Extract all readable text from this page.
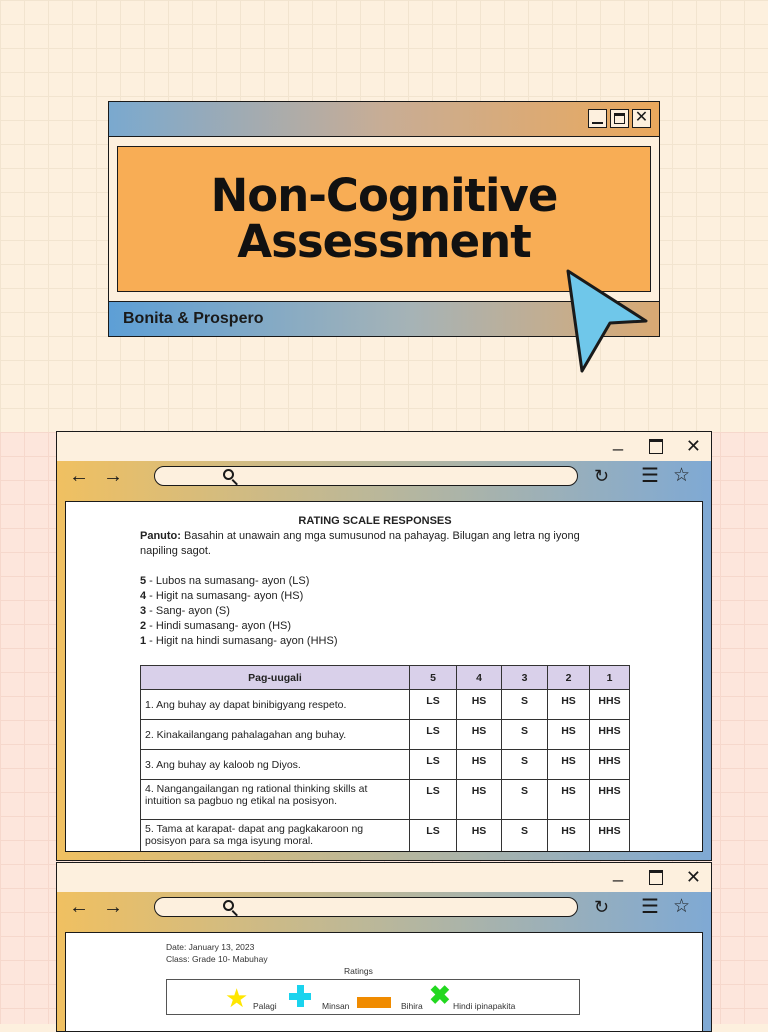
✕
Non-Cognitive
Assessment
Bonita & Prospero
_	✕
← →	↻ ☰ ☆
RATING SCALE RESPONSES

Panuto: Basahin at unawain ang mga sumusunod na pahayag. Bilugan ang letra ng iyong napiling sagot.

5 - Lubos na sumasang- ayon (LS)

4 - Higit na sumasang- ayon (HS)

3 - Sang- ayon (S)

2 - Hindi sumasang- ayon (HS)

1 - Higit na hindi sumasang- ayon (HHS)

Pag-uugali	5	4	3	2	1
1. Ang buhay ay dapat binibigyang respeto.	LS	HS	S	HS	HHS
2. Kinakailangang pahalagahan ang buhay.	LS	HS	S	HS	HHS
3. Ang buhay ay kaloob ng Diyos.	LS	HS	S	HS	HHS
4. Nangangailangan ng rational thinking skills at intuition sa pagbuo ng etikal na posisyon.	LS	HS	S	HS	HHS
5. Tama at karapat- dapat ang pagkakaroon ng posisyon para sa mga isyung moral.	LS	HS	S	HS	HHS
_	✕
← →	↻ ☰ ☆
Date: January 13, 2023
Class: Grade 10- Mabuhay
Ratings
★ Palagi	Minsan	Bihira ✖ Hindi ipinapakita
